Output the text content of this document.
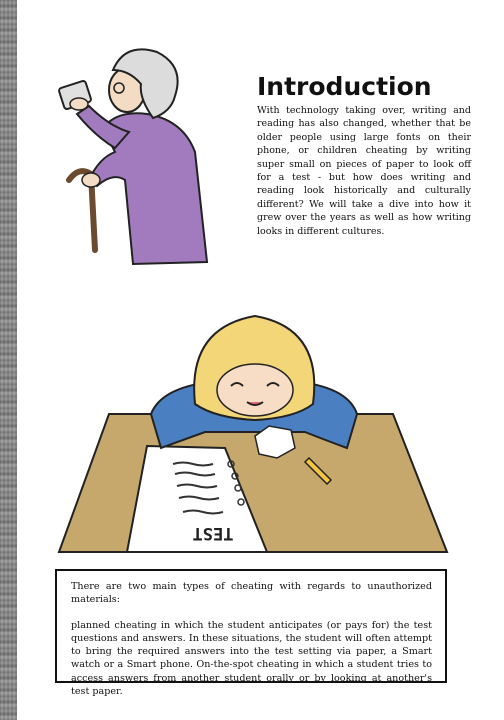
Introduction

With technology taking over, writing and reading has also changed, whether that be older people using large fonts on their phone, or children cheating by writing super small on pieces of paper to look off for a test - but how does writing and reading look historically and culturally different? We will take a dive into how it grew over the years as well as how writing looks in different cultures.

TEST

There are two main types of cheating with regards to unauthorized materials:

planned cheating in which the student anticipates (or pays for) the test questions and answers. In these situations, the student will often attempt to bring the required answers into the test setting via paper, a Smart watch or a Smart phone. On-the-spot cheating in which a student tries to access answers from another student orally or by looking at another's test paper.
